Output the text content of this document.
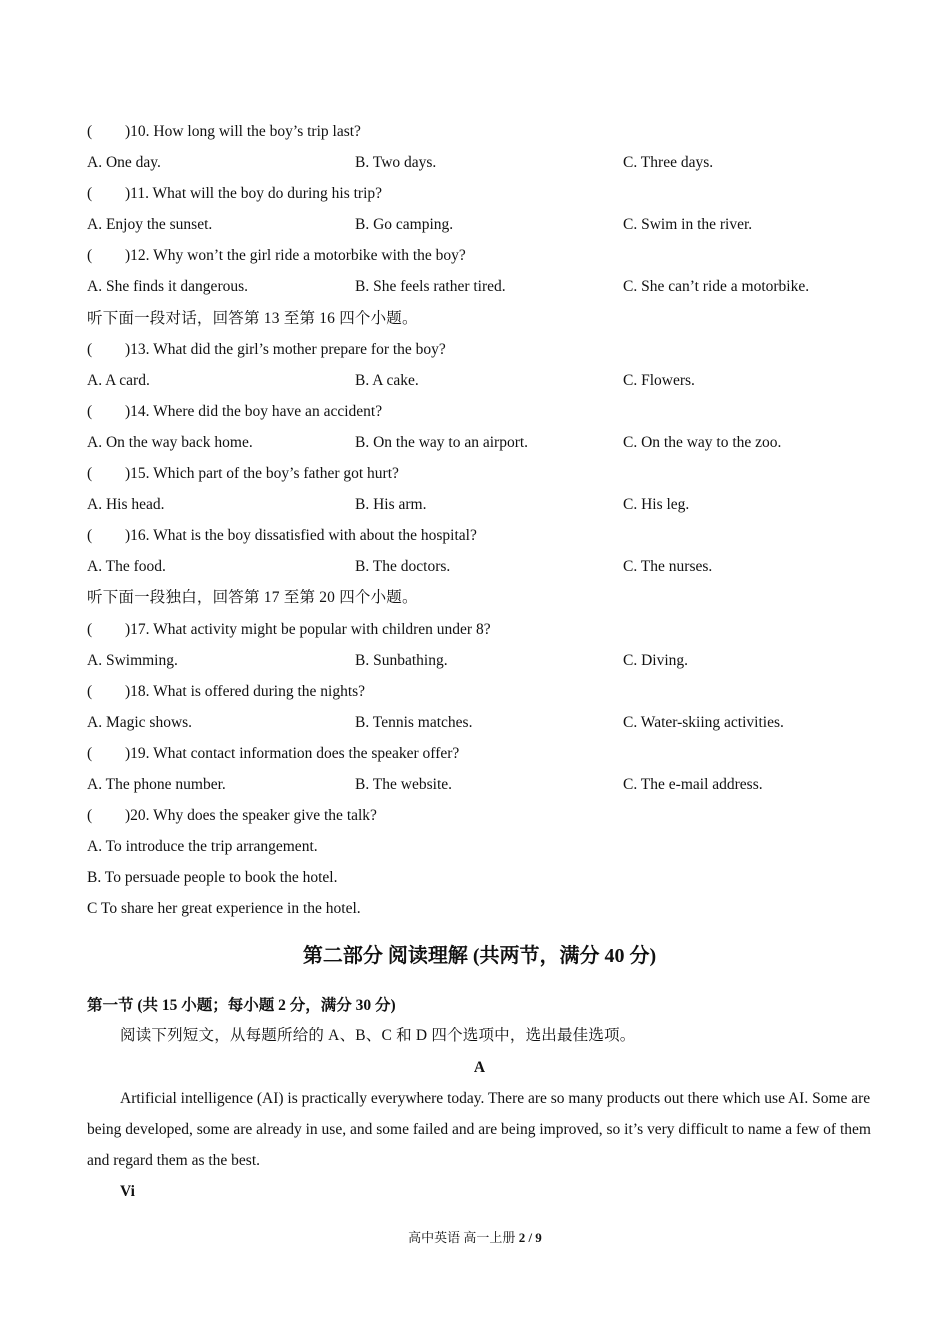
( )10. How long will the boy’s trip last?
A. One day.	B. Two days.	C. Three days.
( )11. What will the boy do during his trip?
A. Enjoy the sunset.	B. Go camping.	C. Swim in the river.
( )12. Why won’t the girl ride a motorbike with the boy?
A. She finds it dangerous.	B. She feels rather tired.	C. She can’t ride a motorbike.
听下面一段对话，回答第 13 至第 16 四个小题。
( )13. What did the girl’s mother prepare for the boy?
A. A card.	B. A cake.	C. Flowers.
( )14. Where did the boy have an accident?
A. On the way back home.	B. On the way to an airport.	C. On the way to the zoo.
( )15. Which part of the boy’s father got hurt?
A. His head.	B. His arm.	C. His leg.
( )16. What is the boy dissatisfied with about the hospital?
A. The food.	B. The doctors.	C. The nurses.
听下面一段独白，回答第 17 至第 20 四个小题。
( )17. What activity might be popular with children under 8?
A. Swimming.	B. Sunbathing.	C. Diving.
( )18. What is offered during the nights?
A. Magic shows.	B. Tennis matches.	C. Water-skiing activities.
( )19. What contact information does the speaker offer?
A. The phone number.	B. The website.	C. The e-mail address.
( )20. Why does the speaker give the talk?
A. To introduce the trip arrangement.
B. To persuade people to book the hotel.
C To share her great experience in the hotel.
第二部分 阅读理解 (共两节，满分 40 分)
第一节 (共 15 小题；每小题 2 分，满分 30 分)
阅读下列短文，从每题所给的 A、B、C 和 D 四个选项中，选出最佳选项。
A

Artificial intelligence (AI) is practically everywhere today. There are so many products out there which use AI. Some are being developed, some are already in use, and some failed and are being improved, so it’s very difficult to name a few of them and regard them as the best.

Vi
高中英语 高一上册 2 / 9
